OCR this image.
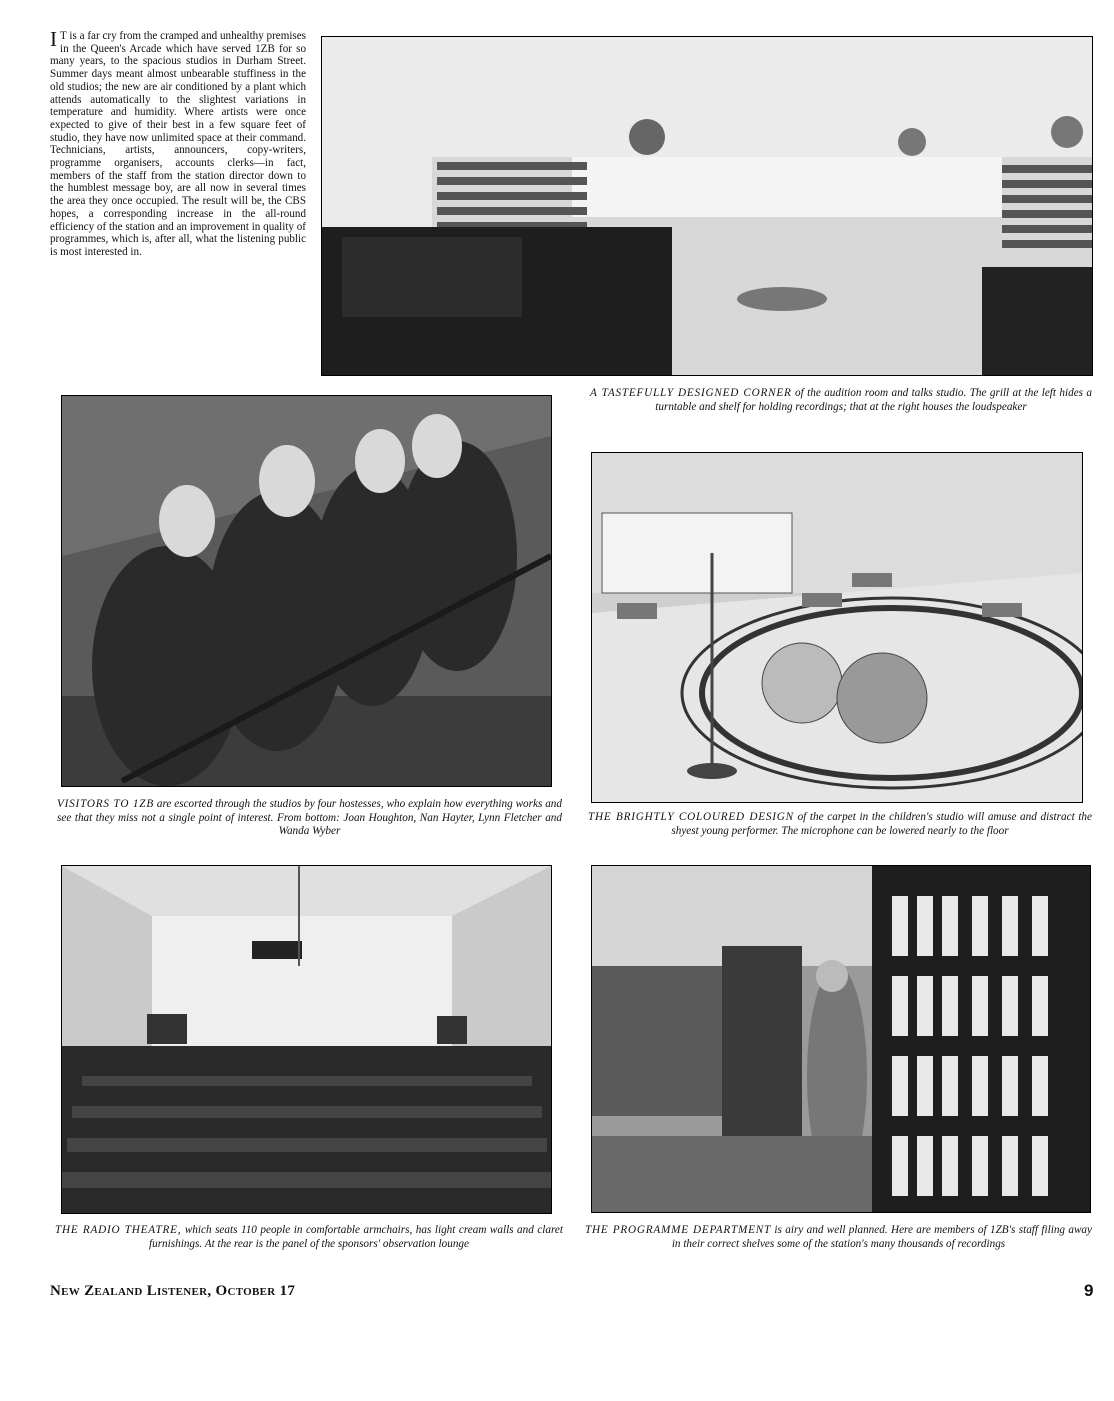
I T is a far cry from the cramped and unhealthy premises in the Queen's Arcade which have served 1ZB for so many years, to the spacious studios in Durham Street. Summer days meant almost unbearable stuffiness in the old studios; the new are air conditioned by a plant which attends automatically to the slightest variations in temperature and humidity. Where artists were once expected to give of their best in a few square feet of studio, they have now unlimited space at their command. Technicians, artists, announcers, copy-writers, programme organisers, accounts clerks—in fact, members of the staff from the station director down to the humblest message boy, are all now in several times the area they once occupied. The result will be, the CBS hopes, a corresponding increase in the all-round efficiency of the station and an improvement in quality of programmes, which is, after all, what the listening public is most interested in.
A TASTEFULLY DESIGNED CORNER of the audition room and talks studio. The grill at the left hides a turntable and shelf for holding recordings; that at the right houses the loudspeaker
VISITORS TO 1ZB are escorted through the studios by four hostesses, who explain how everything works and see that they miss not a single point of interest. From bottom: Joan Houghton, Nan Hayter, Lynn Fletcher and Wanda Wyber
THE BRIGHTLY COLOURED DESIGN of the carpet in the children's studio will amuse and distract the shyest young performer. The microphone can be lowered nearly to the floor
THE RADIO THEATRE, which seats 110 people in comfortable armchairs, has light cream walls and claret furnishings. At the rear is the panel of the sponsors' observation lounge
THE PROGRAMME DEPARTMENT is airy and well planned. Here are members of 1ZB's staff filing away in their correct shelves some of the station's many thousands of recordings
New Zealand Listener, October 17	9
